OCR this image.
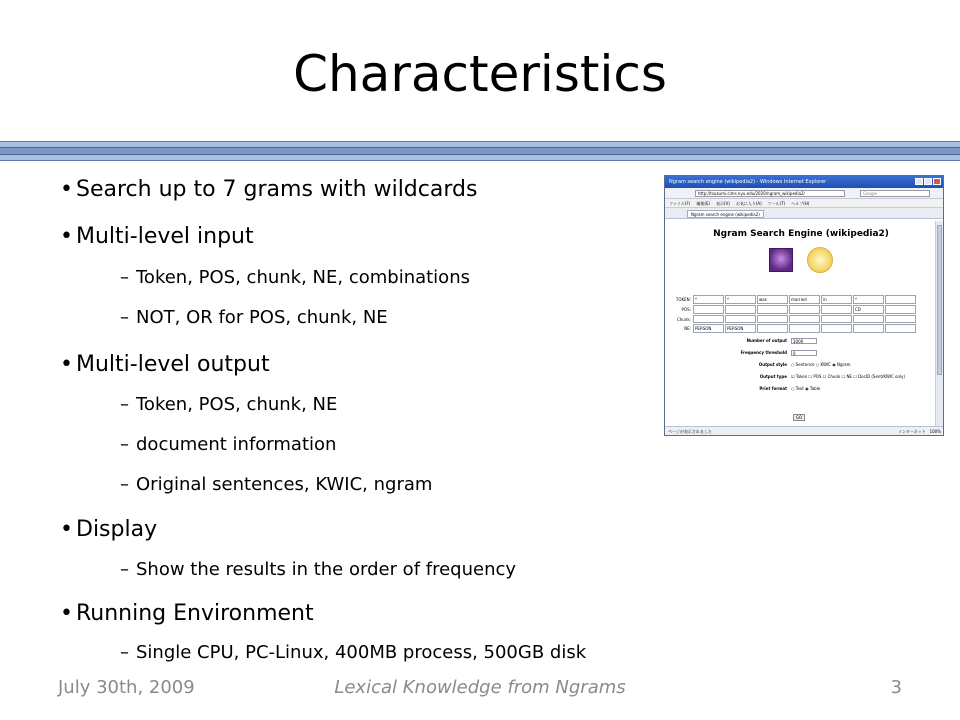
Characteristics
• Search up to 7 grams with wildcards
• Multi-level input
– Token, POS, chunk, NE, combinations
– NOT, OR for POS, chunk, NE
• Multi-level output
– Token, POS, chunk, NE
– document information
– Original sentences, KWIC, ngram
• Display
– Show the results in the order of frequency
• Running Environment
– Single CPU, PC-Linux, 400MB process, 500GB disk
Ngram search engine (wikipedia2) - Windows Internet Explorer
http://tsuzumi.cims.nyu.edu/2020/ngram_wikipedia2/	Google
ファイル(F) 編集(E) 表示(V) お気に入り(A) ツール(T) ヘルプ(H)
Ngram search engine (wikipedia2)
Ngram Search Engine (wikipedia2)
TOKEN:	*	*	was	married	in	*	
POS:						CD	
Chunk:							
NE:	PERSON	PERSON					
Number of output	1000
Frequency threshold	0
Output style ○ Sentence ○ KWIC ◉ Ngram
Output type ☑ Token ☐ POS ☐ Chunk ☐ NE ☐ DocID (Sent/KWIC only)
Print format ○ Text ◉ Table
GO
ページが表示されました	インターネット 100%
July 30th, 2009	Lexical Knowledge from Ngrams	3
